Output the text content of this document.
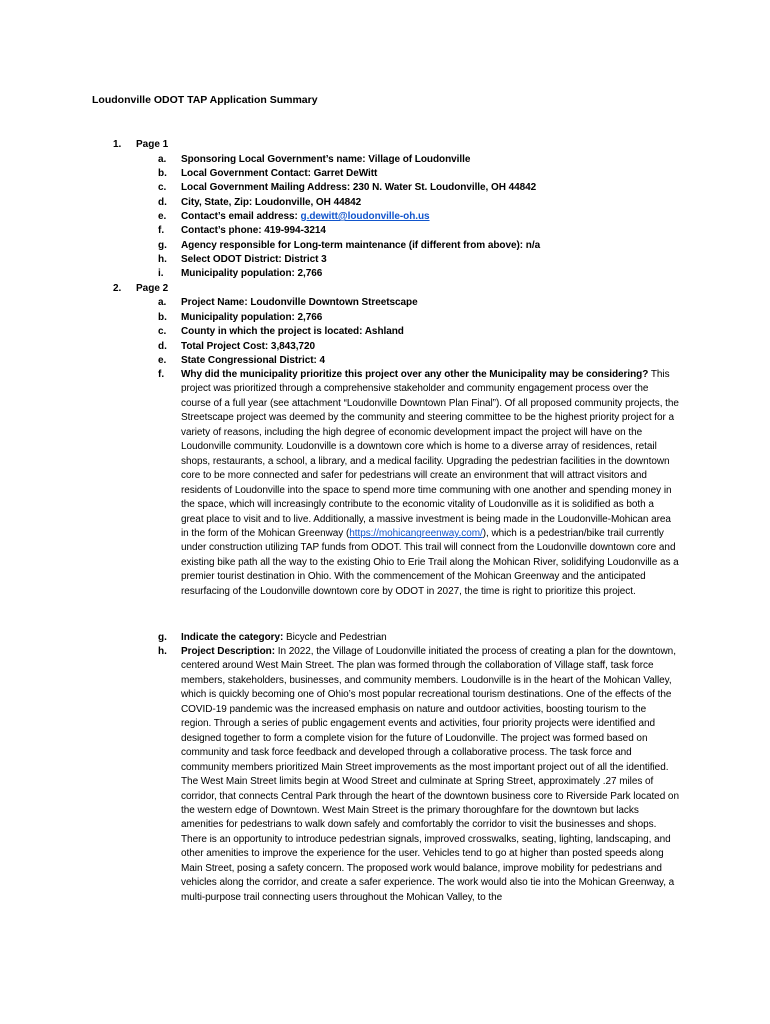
Loudonville ODOT TAP Application Summary
1. Page 1
a.	Sponsoring Local Government’s name: Village of Loudonville
b.	Local Government Contact: Garret DeWitt
c.	Local Government Mailing Address: 230 N. Water St. Loudonville, OH 44842
d.	City, State, Zip: Loudonville, OH 44842
e.	Contact’s email address: g.dewitt@loudonville-oh.us
f.	Contact’s phone: 419-994-3214
g.	Agency responsible for Long-term maintenance (if different from above): n/a
h.	Select ODOT District: District 3
i.	Municipality population: 2,766
2. Page 2
a.	Project Name: Loudonville Downtown Streetscape
b.	Municipality population: 2,766
c.	County in which the project is located: Ashland
d.	Total Project Cost: 3,843,720
e.	State Congressional District: 4
f.	Why did the municipality prioritize this project over any other the Municipality may be considering? This project was prioritized through a comprehensive stakeholder and community engagement process over the course of a full year (see attachment “Loudonville Downtown Plan Final”). Of all proposed community projects, the Streetscape project was deemed by the community and steering committee to be the highest priority project for a variety of reasons, including the high degree of economic development impact the project will have on the Loudonville community. Loudonville is a downtown core which is home to a diverse array of residences, retail shops, restaurants, a school, a library, and a medical facility. Upgrading the pedestrian facilities in the downtown core to be more connected and safer for pedestrians will create an environment that will attract visitors and residents of Loudonville into the space to spend more time communing with one another and spending money in the space, which will increasingly contribute to the economic vitality of Loudonville as it is solidified as both a great place to visit and to live. Additionally, a massive investment is being made in the Loudonville-Mohican area in the form of the Mohican Greenway (https://mohicangreenway.com/), which is a pedestrian/bike trail currently under construction utilizing TAP funds from ODOT. This trail will connect from the Loudonville downtown core and existing bike path all the way to the existing Ohio to Erie Trail along the Mohican River, solidifying Loudonville as a premier tourist destination in Ohio. With the commencement of the Mohican Greenway and the anticipated resurfacing of the Loudonville downtown core by ODOT in 2027, the time is right to prioritize this project.
g.	Indicate the category: Bicycle and Pedestrian
h.	Project Description: In 2022, the Village of Loudonville initiated the process of creating a plan for the downtown, centered around West Main Street. The plan was formed through the collaboration of Village staff, task force members, stakeholders, businesses, and community members. Loudonville is in the heart of the Mohican Valley, which is quickly becoming one of Ohio’s most popular recreational tourism destinations. One of the effects of the COVID-19 pandemic was the increased emphasis on nature and outdoor activities, boosting tourism to the region. Through a series of public engagement events and activities, four priority projects were identified and designed together to form a complete vision for the future of Loudonville. The project was formed based on community and task force feedback and developed through a collaborative process. The task force and community members prioritized Main Street improvements as the most important project out of all the identified. The West Main Street limits begin at Wood Street and culminate at Spring Street, approximately .27 miles of corridor, that connects Central Park through the heart of the downtown business core to Riverside Park located on the western edge of Downtown. West Main Street is the primary thoroughfare for the downtown but lacks amenities for pedestrians to walk down safely and comfortably the corridor to visit the businesses and shops. There is an opportunity to introduce pedestrian signals, improved crosswalks, seating, lighting, landscaping, and other amenities to improve the experience for the user. Vehicles tend to go at higher than posted speeds along Main Street, posing a safety concern. The proposed work would balance, improve mobility for pedestrians and vehicles along the corridor, and create a safer experience. The work would also tie into the Mohican Greenway, a multi-purpose trail connecting users throughout the Mohican Valley, to the
